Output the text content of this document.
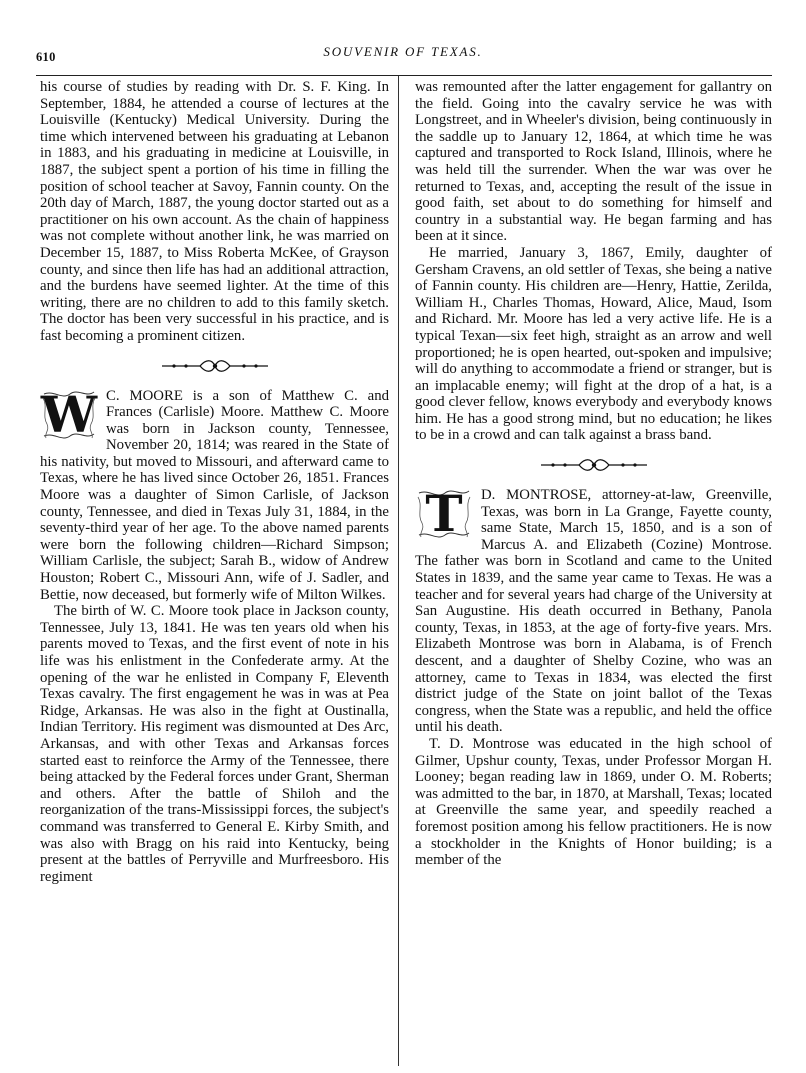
610	SOUVENIR OF TEXAS.

his course of studies by reading with Dr. S. F. King. In September, 1884, he attended a course of lectures at the Louisville (Kentucky) Medical University. During the time which intervened between his graduating at Lebanon in 1883, and his graduating in medicine at Louisville, in 1887, the subject spent a portion of his time in filling the position of school teacher at Savoy, Fannin county. On the 20th day of March, 1887, the young doctor started out as a practitioner on his own account. As the chain of happiness was not complete without another link, he was married on December 15, 1887, to Miss Roberta McKee, of Grayson county, and since then life has had an additional attraction, and the burdens have seemed lighter. At the time of this writing, there are no children to add to this family sketch. The doctor has been very successful in his practice, and is fast becoming a prominent citizen.

W C. MOORE is a son of Matthew C. and Frances (Carlisle) Moore. Matthew C. Moore was born in Jackson county, Tennessee, November 20, 1814; was reared in the State of his nativity, but moved to Missouri, and afterward came to Texas, where he has lived since October 26, 1851. Frances Moore was a daughter of Simon Carlisle, of Jackson county, Tennessee, and died in Texas July 31, 1884, in the seventy-third year of her age. To the above named parents were born the following children—Richard Simpson; William Carlisle, the subject; Sarah B., widow of Andrew Houston; Robert C., Missouri Ann, wife of J. Sadler, and Bettie, now deceased, but formerly wife of Milton Wilkes.

The birth of W. C. Moore took place in Jackson county, Tennessee, July 13, 1841. He was ten years old when his parents moved to Texas, and the first event of note in his life was his enlistment in the Confederate army. At the opening of the war he enlisted in Company F, Eleventh Texas cavalry. The first engagement he was in was at Pea Ridge, Arkansas. He was also in the fight at Oustinalla, Indian Territory. His regiment was dismounted at Des Arc, Arkansas, and with other Texas and Arkansas forces started east to reinforce the Army of the Tennessee, there being attacked by the Federal forces under Grant, Sherman and others. After the battle of Shiloh and the reorganization of the trans-Mississippi forces, the subject's command was transferred to General E. Kirby Smith, and was also with Bragg on his raid into Kentucky, being present at the battles of Perryville and Murfreesboro. His regiment

was remounted after the latter engagement for gallantry on the field. Going into the cavalry service he was with Longstreet, and in Wheeler's division, being continuously in the saddle up to January 12, 1864, at which time he was captured and transported to Rock Island, Illinois, where he was held till the surrender. When the war was over he returned to Texas, and, accepting the result of the issue in good faith, set about to do something for himself and country in a substantial way. He began farming and has been at it since.

He married, January 3, 1867, Emily, daughter of Gersham Cravens, an old settler of Texas, she being a native of Fannin county. His children are—Henry, Hattie, Zerilda, William H., Charles Thomas, Howard, Alice, Maud, Isom and Richard. Mr. Moore has led a very active life. He is a typical Texan—six feet high, straight as an arrow and well proportioned; he is open hearted, out-spoken and impulsive; will do anything to accommodate a friend or stranger, but is an implacable enemy; will fight at the drop of a hat, is a good clever fellow, knows everybody and everybody knows him. He has a good strong mind, but no education; he likes to be in a crowd and can talk against a brass band.

T	D. MONTROSE, attorney-at-law, Greenville, Texas, was born in La Grange, Fayette county, same State, March 15, 1850, and is a son of Marcus A. and Elizabeth (Cozine) Montrose. The father was born in Scotland and came to the United States in 1839, and the same year came to Texas. He was a teacher and for several years had charge of the University at San Augustine. His death occurred in Bethany, Panola county, Texas, in 1853, at the age of forty-five years. Mrs. Elizabeth Montrose was born in Alabama, is of French descent, and a daughter of Shelby Cozine, who was an attorney, came to Texas in 1834, was elected the first district judge of the State on joint ballot of the Texas congress, when the State was a republic, and held the office until his death.

T. D. Montrose was educated in the high school of Gilmer, Upshur county, Texas, under Professor Morgan H. Looney; began reading law in 1869, under O. M. Roberts; was admitted to the bar, in 1870, at Marshall, Texas; located at Greenville the same year, and speedily reached a foremost position among his fellow practitioners. He is now a stockholder in the Knights of Honor building; is a member of the
